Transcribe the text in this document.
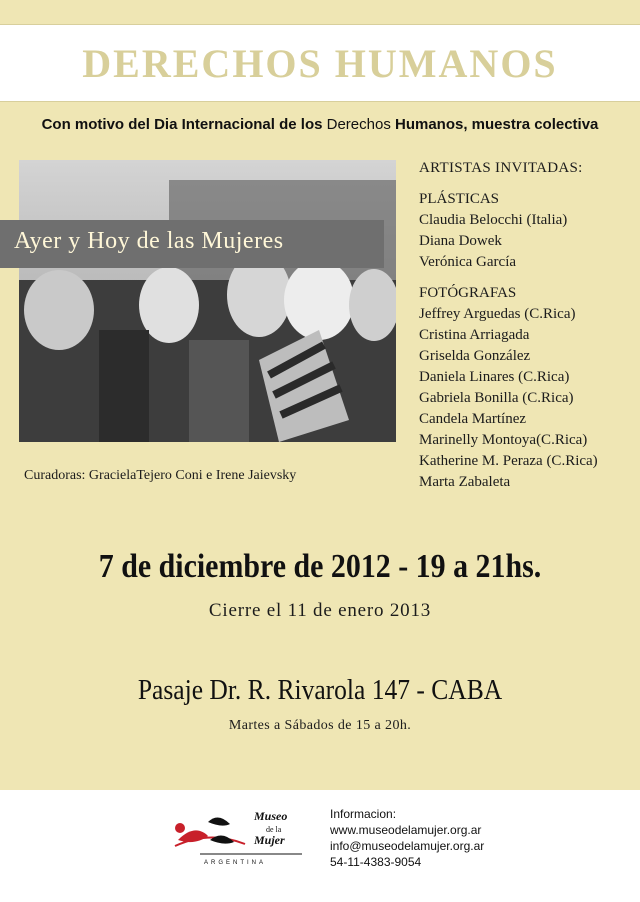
DERECHOS HUMANOS
Con motivo del Dia Internacional de los Derechos Humanos, muestra colectiva
Ayer y Hoy de las Mujeres
ARTISTAS INVITADAS:
PLÁSTICAS
Claudia Belocchi (Italia)
Diana Dowek
Verónica García
FOTÓGRAFAS
Jeffrey Arguedas (C.Rica)
Cristina Arriagada
Griselda González
Daniela Linares (C.Rica)
Gabriela Bonilla (C.Rica)
Candela Martínez
Marinelly Montoya(C.Rica)
Katherine M. Peraza (C.Rica)
Marta Zabaleta
Curadoras: GracielaTejero Coni e Irene Jaievsky
7 de diciembre de 2012 - 19 a 21hs.
Cierre el 11 de enero 2013
Pasaje Dr. R. Rivarola 147 - CABA
Martes a Sábados de 15 a 20h.
Museo
de la
Mujer
ARGENTINA
Informacion:
www.museodelamujer.org.ar
info@museodelamujer.org.ar
54-11-4383-9054
